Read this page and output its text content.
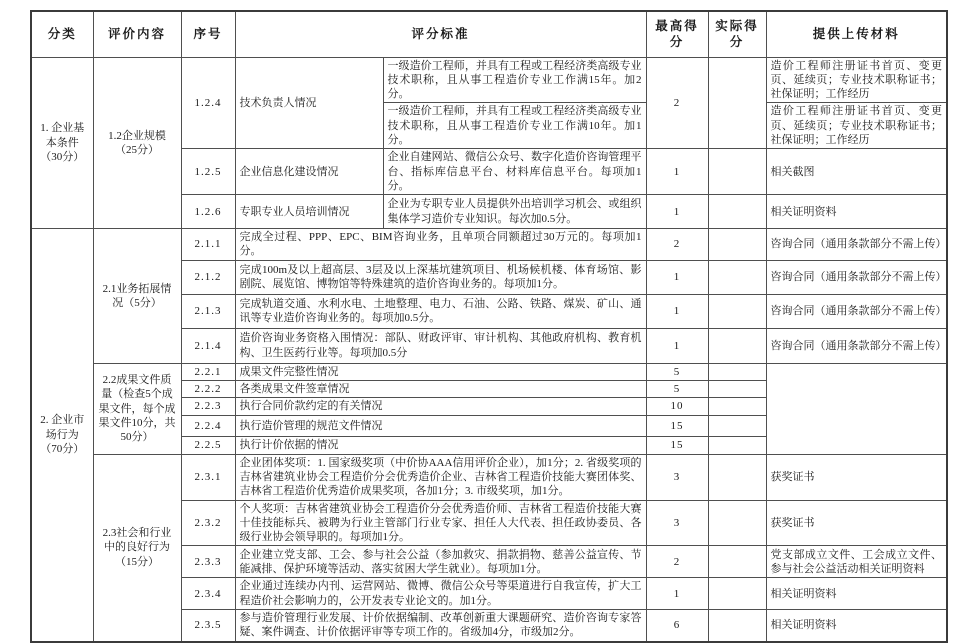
分类	评价内容	序号	评分标准		最高得分	实际得分	提供上传材料
1. 企业基本条件（30分）	1.2企业规模（25分）	1.2.4	技术负责人情况	一级造价工程师，并具有工程或工程经济类高级专业技术职称，且从事工程造价专业工作满15年。加2分。	2		造价工程师注册证书首页、变更页、延续页；专业技术职称证书；社保证明；工作经历
				一级造价工程师，并具有工程或工程经济类高级专业技术职称，且从事工程造价专业工作满10年。加1分。			造价工程师注册证书首页、变更页、延续页；专业技术职称证书；社保证明；工作经历
		1.2.5	企业信息化建设情况	企业自建网站、微信公众号、数字化造价咨询管理平台、指标库信息平台、材料库信息平台。每项加1分。	1		相关截图
		1.2.6	专职专业人员培训情况	企业为专职专业人员提供外出培训学习机会、或组织集体学习造价专业知识。每次加0.5分。	1		相关证明资料
2. 企业市场行为（70分）	2.1业务拓展情况（5分）	2.1.1	完成全过程、PPP、EPC、BIM咨询业务，且单项合同额超过30万元的。每项加1分。		2		咨询合同（通用条款部分不需上传）
		2.1.2	完成100m及以上超高层、3层及以上深基坑建筑项目、机场候机楼、体育场馆、影剧院、展览馆、博物馆等特殊建筑的造价咨询业务的。每项加1分。		1		咨询合同（通用条款部分不需上传）
		2.1.3	完成轨道交通、水利水电、土地整理、电力、石油、公路、铁路、煤炭、矿山、通讯等专业造价咨询业务的。每项加0.5分。		1		咨询合同（通用条款部分不需上传）
		2.1.4	造价咨询业务资格入围情况：部队、财政评审、审计机构、其他政府机构、教育机构、卫生医药行业等。每项加0.5分		1		咨询合同（通用条款部分不需上传）
	2.2成果文件质量（检查5个成果文件，每个成果文件10分，共50分）	2.2.1	成果文件完整性情况		5		
		2.2.2	各类成果文件签章情况		5		
		2.2.3	执行合同价款约定的有关情况		10		
		2.2.4	执行造价管理的规范文件情况		15		
		2.2.5	执行计价依据的情况		15		
	2.3社会和行业中的良好行为（15分）	2.3.1	企业团体奖项：1. 国家级奖项（中价协AAA信用评价企业），加1分；2. 省级奖项的吉林省建筑业协会工程造价分会优秀造价企业、吉林省工程造价技能大赛团体奖、吉林省工程造价优秀造价成果奖项，各加1分；3. 市级奖项，加1分。		3		获奖证书
		2.3.2	个人奖项：吉林省建筑业协会工程造价分会优秀造价师、吉林省工程造价技能大赛十佳技能标兵、被聘为行业主管部门行业专家、担任人大代表、担任政协委员、各级行业协会领导职的。每项加1分。		3		获奖证书
		2.3.3	企业建立党支部、工会、参与社会公益（参加救灾、捐款捐物、慈善公益宣传、节能减排、保护环境等活动、落实贫困大学生就业）。每项加1分。		2		党支部成立文件、工会成立文件、参与社会公益活动相关证明资料
		2.3.4	企业通过连续办内刊、运营网站、微博、微信公众号等渠道进行自我宣传，扩大工程造价社会影响力的，公开发表专业论文的。加1分。		1		相关证明资料
		2.3.5	参与造价管理行业发展、计价依据编制、改革创新重大课题研究、造价咨询专家答疑、案件调查、计价依据评审等专项工作的。省级加4分，市级加2分。		6		相关证明资料
